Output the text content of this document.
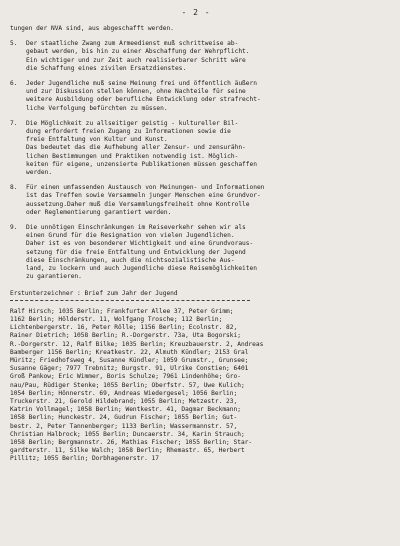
- 2 -
tungen der NVA sind, aus abgeschafft werden.
5.	Der staatliche Zwang zum Armeedienst muß schrittweise ab-
gebaut werden, bis hin zu einer Abschaffung der Wehrpflicht.
Ein wichtiger und zur Zeit auch realisierbarer Schritt wäre
die Schaffung eines zivilen Ersatzdienstes.
6.	Jeder Jugendliche muß seine Meinung frei und öffentlich äußern
und zur Diskussion stellen können, ohne Nachteile für seine
weitere Ausbildung oder berufliche Entwicklung oder strafrecht-
liche Verfolgung befürchten zu müssen.
7.	Die Möglichkeit zu allseitiger geistig - kultureller Bil-
dung erfordert freien Zugang zu Informationen sowie die
freie Entfaltung von Kultur und Kunst.
Das bedeutet das die Aufhebung aller Zensur- und zensurähn-
lichen Bestimmungen und Praktiken notwendig ist. Möglich-
keiten für eigene, unzensierte Publikationen müssen geschaffen
werden.
8.	Für einen umfassenden Austausch von Meinungen- und Informationen
ist das Treffen sowie Versammeln junger Menschen eine Grundvor-
aussetzung.Daher muß die Versammlungsfreiheit ohne Kontrolle
oder Reglementierung garantiert werden.
9.	Die unnötigen Einschränkungen im Reiseverkehr sehen wir als
einen Grund für die Resignation von vielen Jugendlichen.
Daher ist es von besonderer Wichtigkeit und eine Grundvoraus-
setzung für die freie Entfaltung und Entwicklung der Jugend
diese Einschränkungen, auch die nichtsozialistische Aus-
land, zu lockern und auch Jugendliche diese Reisemöglichkeiten
zu garantieren.
Erstunterzeichner : Brief zum Jahr der Jugend
Ralf Hirsch; 1035 Berlin; Frankfurter Allee 37, Peter Grimm;
1162 Berlin; Hölderstr. 11, Wolfgang Trosche; 112 Berlin;
Lichtenbergerstr. 16, Peter Rölle; 1156 Berlin; Ecolnstr. 82,
Rainer Dietrich; 1058 Berlin; R.-Dorgerstr. 73a, Uta Bogorski;
R.-Dorgerstr. 12, Ralf Bilke; 1035 Berlin; Kreuzbauerstr. 2, Andreas
Bamberger 1156 Berlin; Kreatkestr. 22, Almuth Kündler; 2153 Gral
Müritz; Friedhofsweg 4, Susanne Kündler; 1059 Grumstr., Grunsee;
Susanne Gäger; 7977 Trebnitz; Burgstr. 91, Ulrike Constien; 6401
Groß Pankow; Eric Wimmer, Boris Schulze; 7961 Lindenhöhe; Gro-
nau/Pau, Rüdiger Stenke; 1055 Berlin; Oberfstr. 57, Uwe Kulich;
1054 Berlin; Hönnerstr. 69, Andreas Wiedergesel; 1056 Berlin;
Truckerstr. 21, Gerold Hildebrand; 1055 Berlin; Metzestr. 23,
Katrin Vollmagel; 1058 Berlin; Wentkestr. 41, Dagmar Beckmann;
1058 Berlin; Hunckestr. 24, Gudrun Fischer; 1055 Berlin; Gut-
bestr. 2, Peter Tannenberger; 1133 Berlin; Wassermannstr. 57,
Christian Halbrock; 1055 Berlin; Duncaerstr. 34, Karin Strauch;
1058 Berlin; Bergmannstr. 26, Mathias Fischer; 1055 Berlin; Star-
gardterstr. 11, Silke Walch; 1058 Berlin; Rhemastr. 65, Herbert
Pillitz; 1055 Berlin; Dorbhagenerstr. 17
